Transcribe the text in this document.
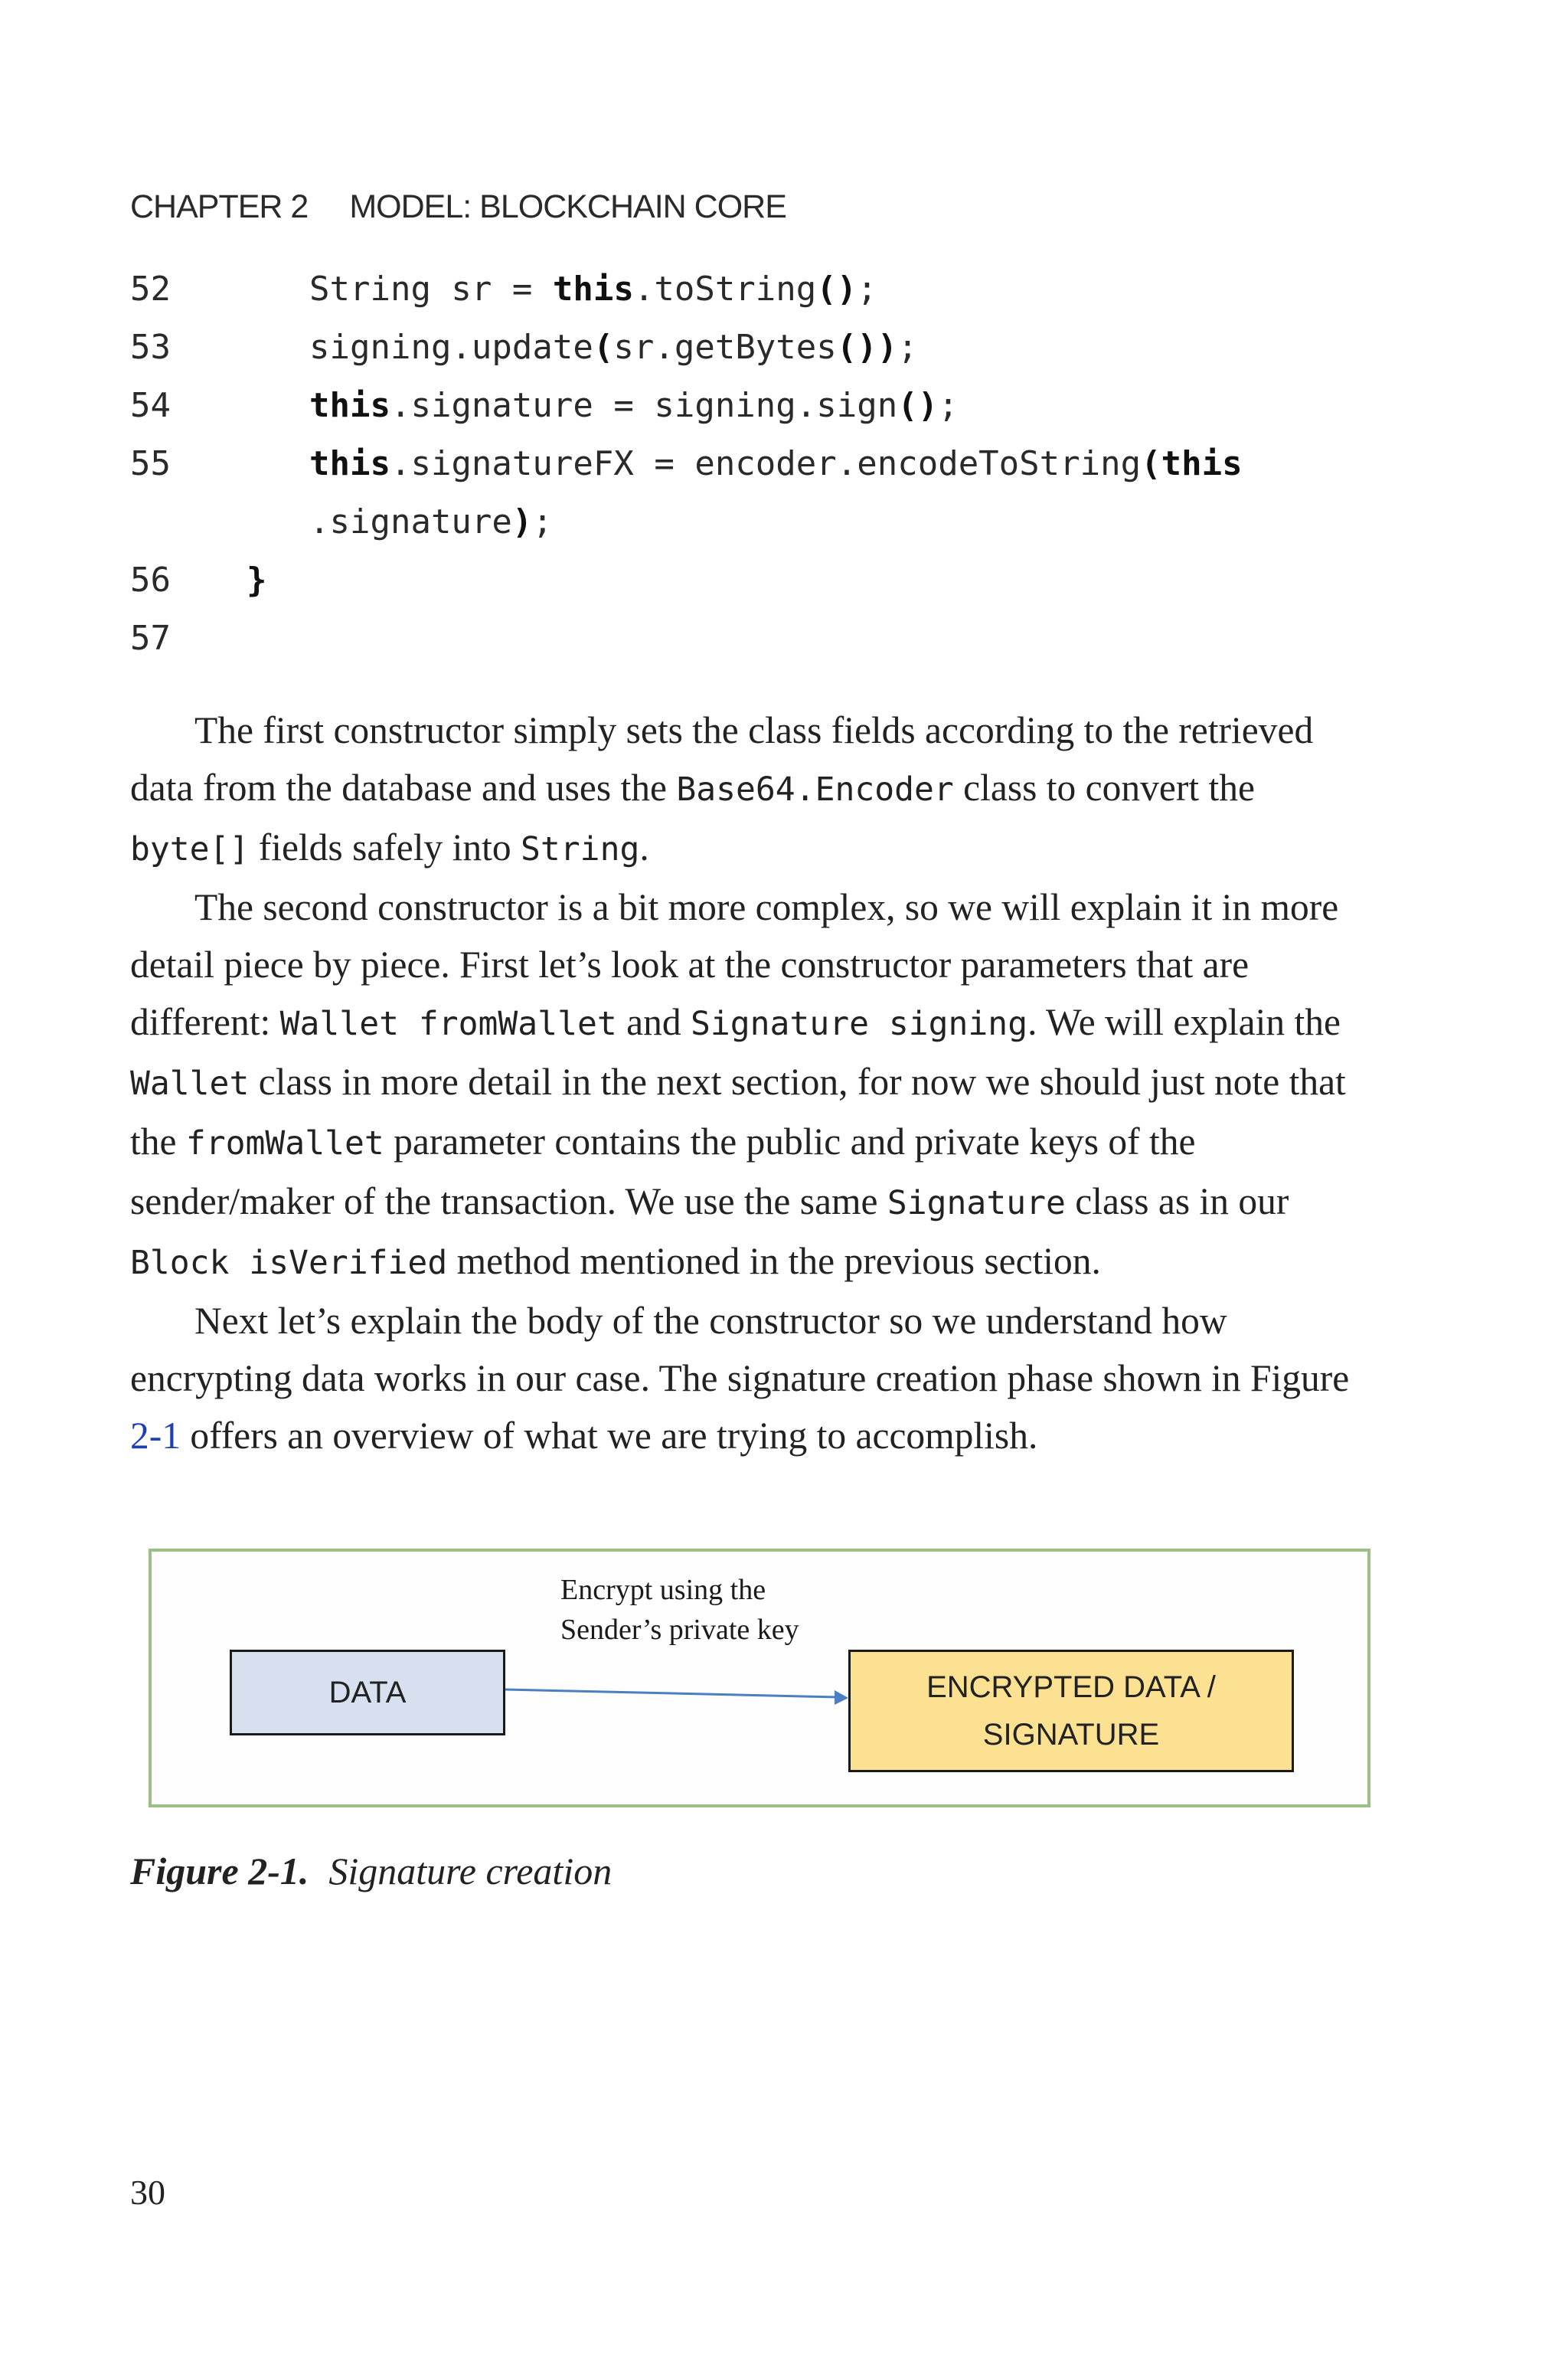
CHAPTER 2 MODEL: BLOCKCHAIN CORE

52

	String sr = this.toString();

53

	signing.update(sr.getBytes());

54

	this.signature = signing.sign();

55

	this.signatureFX = encoder.encodeToString(this

.signature);

56

}

57

The first constructor simply sets the class fields according to the retrieved data from the database and uses the Base64.Encoder class to convert the byte[] fields safely into String.

The second constructor is a bit more complex, so we will explain it in more detail piece by piece. First let’s look at the constructor parameters that are different: Wallet fromWallet and Signature signing. We will explain the Wallet class in more detail in the next section, for now we should just note that the fromWallet parameter contains the public and private keys of the sender/maker of the transaction. We use the same Signature class as in our Block isVerified method mentioned in the previous section.

Next let’s explain the body of the constructor so we understand how encrypting data works in our case. The signature creation phase shown in Figure 2-1 offers an overview of what we are trying to accomplish.

Encrypt using the
Sender’s private key
DATA	ENCRYPTED DATA /
SIGNATURE
Figure 2-1. Signature creation
30
